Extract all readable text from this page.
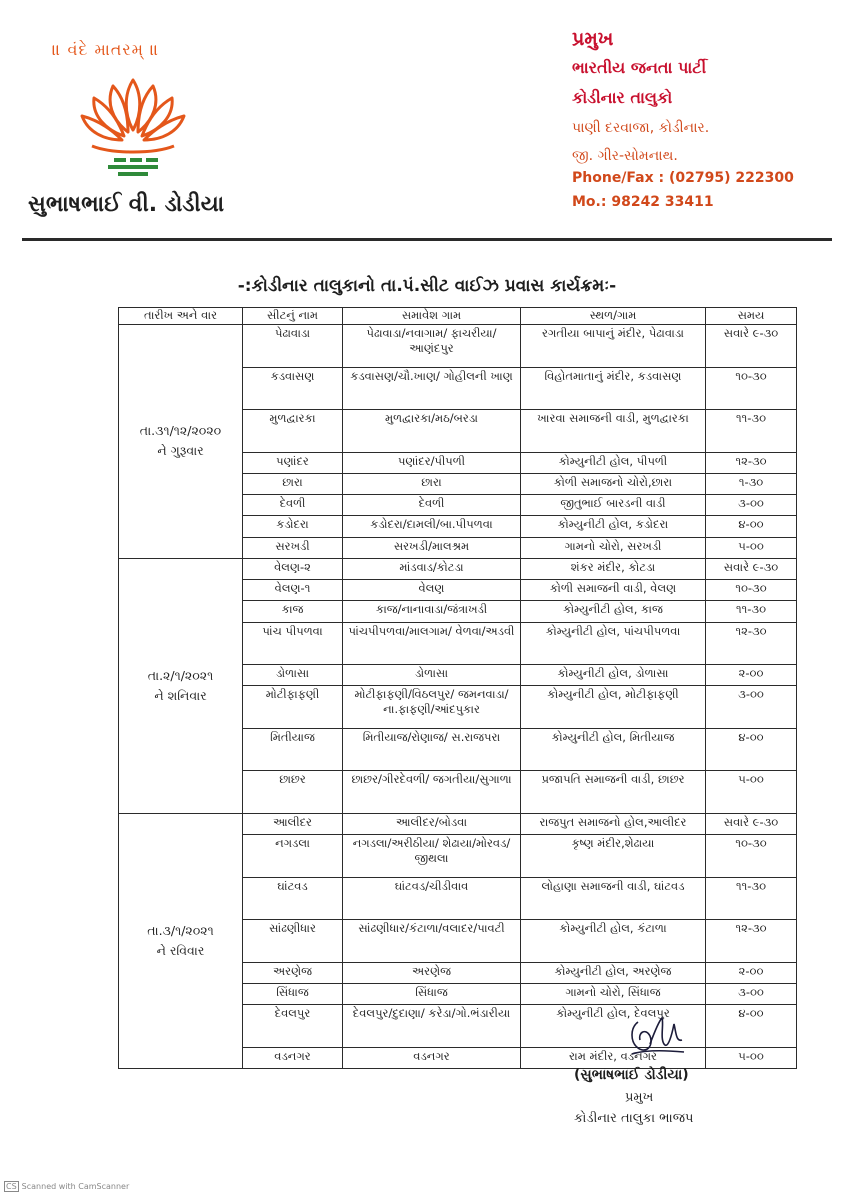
॥ વંદે માતરમ્ ॥
સુભાષભાઈ વી. ડોડીયા
પ્રમુખ
ભારતીય જનતા પાર્ટી
કોડીનાર તાલુકો
પાણી દરવાજા, કોડીનાર.
જી. ગીર-સોમનાથ.
Phone/Fax : (02795) 222300
Mo.: 98242 33411
-:કોડીનાર તાલુકાનો તા.પં.સીટ વાઈઝ પ્રવાસ કાર્યક્રમઃ-
તારીખ અને વાર	સીટનું નામ	સમાવેશ ગામ	સ્થળ/ગામ	સમય

તા.૩૧/૧૨/૨૦૨૦
ને ગુરૂવાર	પેઢાવાડા	પેઢાવાડા/નવાગામ/ ફાચરીયા/આણંદપુર	રગતીયા બાપાનું મંદીર, પેઢાવાડા	સવારે ૯-૩૦
	કડવાસણ	કડવાસણ/ચૌ.ખાણ/ ગોહીલની ખાણ	વિહોતમાતાનું મંદીર, કડવાસણ	૧૦-૩૦
	મુળદ્વારકા	મુળદ્વારકા/મઠ/બરડા	ખારવા સમાજની વાડી, મુળદ્વારકા	૧૧-૩૦
	પણાંદર	પણાંદર/પીપળી	કોમ્યુનીટી હોલ, પીપળી	૧૨-૩૦
	છારા	છારા	કોળી સમાજનો ચોરો,છારા	૧-૩૦
	દેવળી	દેવળી	જીતુભાઈ બારડની વાડી	૩-૦૦
	કડોદરા	કડોદરા/દામલી/બા.પીપળવા	કોમ્યુનીટી હોલ, કડોદરા	૪-૦૦
	સરખડી	સરખડી/માલશ્રમ	ગામનો ચોરો, સરખડી	૫-૦૦

તા.૨/૧/૨૦૨૧
ને શનિવાર	વેલણ-૨	માંડવાડ/કોટડા	શંકર મંદીર, કોટડા	સવારે ૯-૩૦
	વેલણ-૧	વેલણ	કોળી સમાજની વાડી, વેલણ	૧૦-૩૦
	કાજ	કાજ/નાનાવાડા/જંત્રાખડી	કોમ્યુનીટી હોલ, કાજ	૧૧-૩૦
	પાંચ પીપળવા	પાંચપીપળવા/માલગામ/ વેળવા/અડવી	કોમ્યુનીટી હોલ, પાંચપીપળવા	૧૨-૩૦
	ડોળાસા	ડોળાસા	કોમ્યુનીટી હોલ, ડોળાસા	૨-૦૦
	મોટીફાફણી	મોટીફાફણી/વિઠલપુર/ જમનવાડા/ના.ફાફણી/આંદપુકાર	કોમ્યુનીટી હોલ, મોટીફાફણી	૩-૦૦
	મિતીયાજ	મિતીયાજ/રોણાજ/ સ.રાજપરા	કોમ્યુનીટી હોલ, મિતીયાજ	૪-૦૦
	છાછર	છાછર/ગીરદેવળી/ જગતીયા/સુગાળા	પ્રજાપતિ સમાજની વાડી, છાછર	૫-૦૦

તા.૩/૧/૨૦૨૧
ને રવિવાર	આલીદર	આલીદર/બોડવા	રાજપુત સમાજનો હોલ,આલીદર	સવારે ૯-૩૦
	નગડલા	નગડલા/અરીઠીયા/ શેઢાયા/મોરવડ/જીથલા	કૃષ્ણ મંદીર,શેઢાયા	૧૦-૩૦
	ઘાંટવડ	ઘાંટવડ/ચીડીવાવ	લોહાણા સમાજની વાડી, ઘાંટવડ	૧૧-૩૦
	સાંઢણીધાર	સાંઢણીધાર/કંટાળા/વલાદર/પાવટી	કોમ્યુનીટી હોલ, કંટાળા	૧૨-૩૦
	અરણેજ	અરણેજ	કોમ્યુનીટી હોલ, અરણેજ	૨-૦૦
	સિંધાજ	સિંધાજ	ગામનો ચોરો, સિંધાજ	૩-૦૦
	દેવલપુર	દેવલપુર/દુદાણા/ કરેડા/ગો.ભંડારીયા	કોમ્યુનીટી હોલ, દેવલપુર	૪-૦૦
	વડનગર	વડનગર	રામ મંદીર, વડનગર	૫-૦૦
(સુભાષભાઈ ડોડીયા)
પ્રમુખ
કોડીનાર તાલુકા ભાજપ
CS Scanned with CamScanner
